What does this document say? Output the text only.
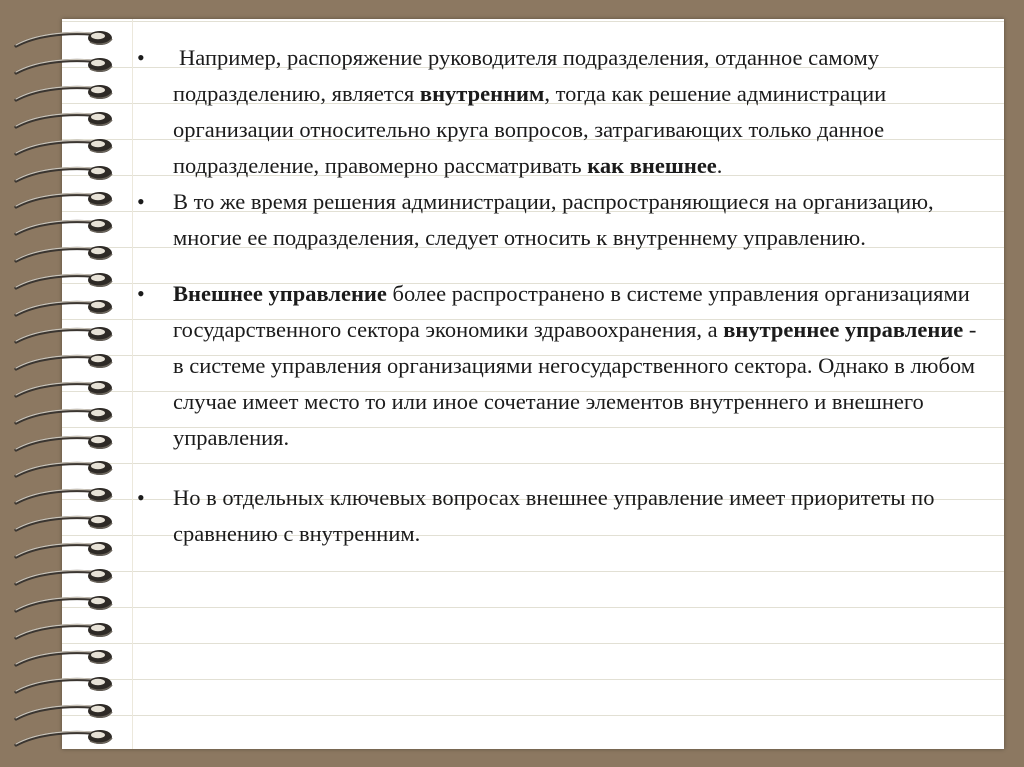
•	Например, распоряжение руководителя подразделения, отданное самому подразделению, является внутренним, тогда как решение администрации организации относительно круга вопросов, затрагивающих только данное подразделение, правомерно рассматривать как внешнее.
•	В то же время решения администрации, распространяющиеся на организацию, многие ее подразделения, следует относить к внутреннему управлению.
•	Внешнее управление более распространено в системе управления организациями государственного сектора экономики здравоохранения, а внутреннее управление - в системе управления организациями негосударственного сектора. Однако в любом случае имеет место то или иное сочетание элементов внутреннего и внешнего управления.
•	Но в отдельных ключевых вопросах внешнее управление имеет приоритеты по сравнению с внутренним.
